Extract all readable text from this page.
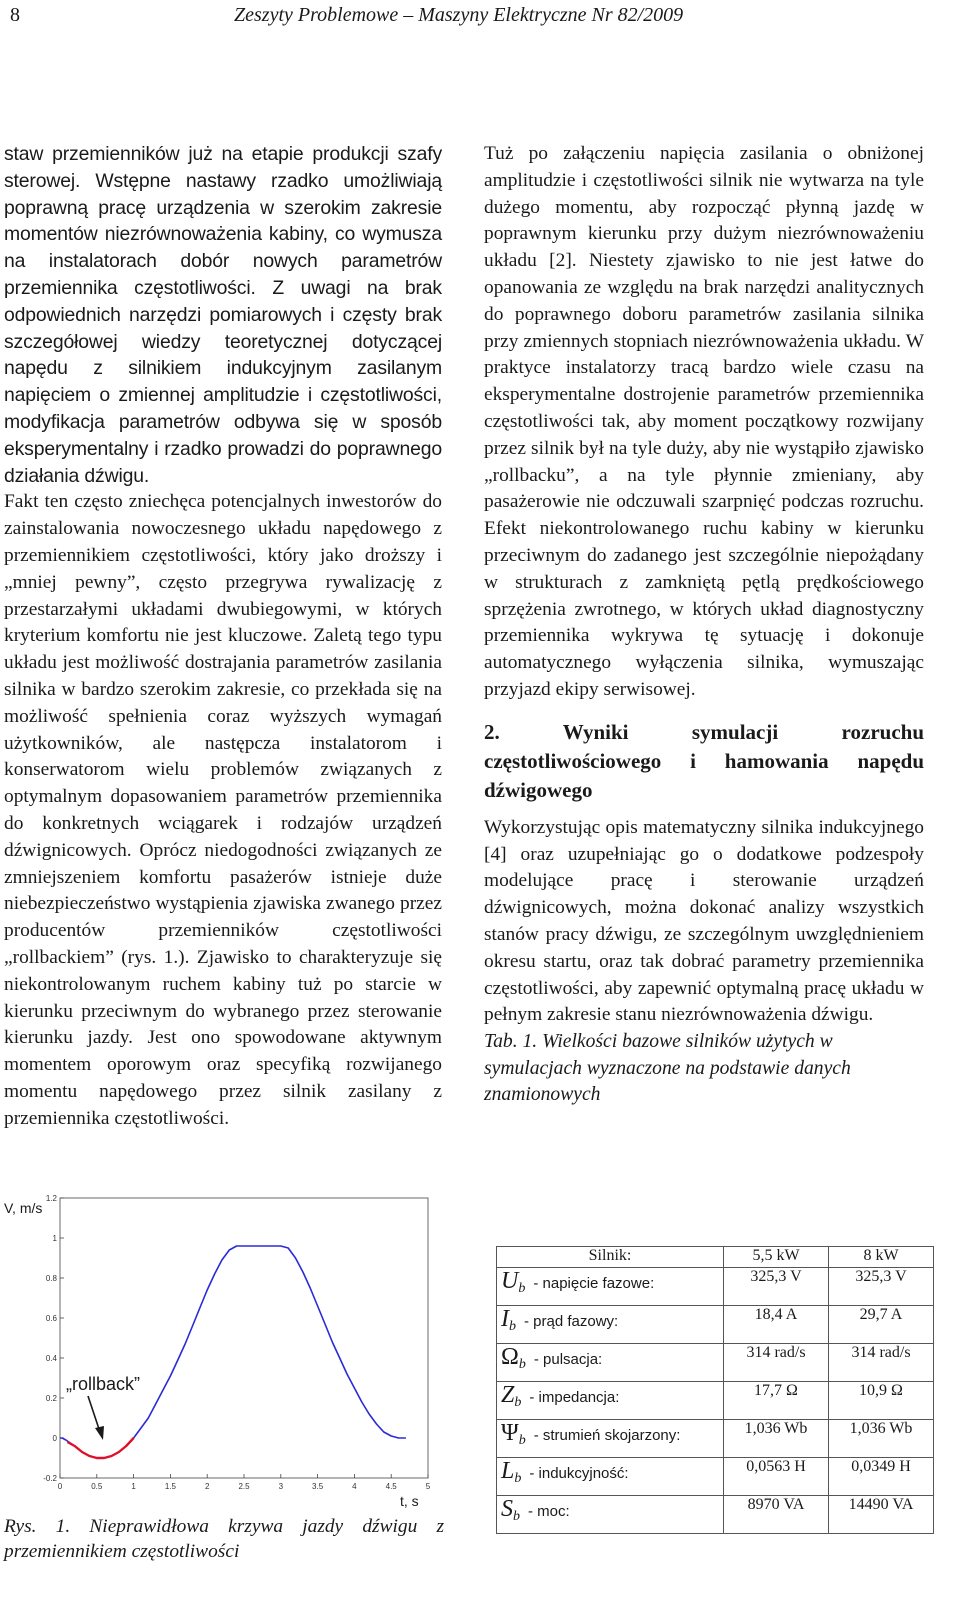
8	Zeszyty Problemowe – Maszyny Elektryczne Nr 82/2009

staw przemienników już na etapie produkcji szafy sterowej. Wstępne nastawy rzadko umożliwiają poprawną pracę urządzenia w szerokim zakresie momentów niezrównoważenia kabiny, co wymusza na instalatorach dobór nowych parametrów przemiennika częstotliwości. Z uwagi na brak odpowiednich narzędzi pomiarowych i częsty brak szczegółowej wiedzy teoretycznej dotyczącej napędu z silnikiem indukcyjnym zasilanym napięciem o zmiennej amplitudzie i częstotliwości, modyfikacja parametrów odbywa się w sposób eksperymentalny i rzadko prowadzi do poprawnego działania dźwigu.

Fakt ten często zniechęca potencjalnych inwestorów do zainstalowania nowoczesnego układu napędowego z przemiennikiem częstotliwości, który jako droższy i „mniej pewny”, często przegrywa rywalizację z przestarzałymi układami dwubiegowymi, w których kryterium komfortu nie jest kluczowe. Zaletą tego typu układu jest możliwość dostrajania parametrów zasilania silnika w bardzo szerokim zakresie, co przekłada się na możliwość spełnienia coraz wyższych wymagań użytkowników, ale następcza instalatorom i konserwatorom wielu problemów związanych z optymalnym dopasowaniem parametrów przemiennika do konkretnych wciągarek i rodzajów urządzeń dźwignicowych. Oprócz niedogodności związanych ze zmniejszeniem komfortu pasażerów istnieje duże niebezpieczeństwo wystąpienia zjawiska zwanego przez producentów przemienników częstotliwości „rollbackiem” (rys. 1.). Zjawisko to charakteryzuje się niekontrolowanym ruchem kabiny tuż po starcie w kierunku przeciwnym do wybranego przez sterowanie kierunku jazdy. Jest ono spowodowane aktywnym momentem oporowym oraz specyfiką rozwijanego momentu napędowego przez silnik zasilany z przemiennika częstotliwości.

Tuż po załączeniu napięcia zasilania o obniżonej amplitudzie i częstotliwości silnik nie wytwarza na tyle dużego momentu, aby rozpocząć płynną jazdę w poprawnym kierunku przy dużym niezrównoważeniu układu [2]. Niestety zjawisko to nie jest łatwe do opanowania ze względu na brak narzędzi analitycznych do poprawnego doboru parametrów zasilania silnika przy zmiennych stopniach niezrównoważenia układu. W praktyce instalatorzy tracą bardzo wiele czasu na eksperymentalne dostrojenie parametrów przemiennika częstotliwości tak, aby moment początkowy rozwijany przez silnik był na tyle duży, aby nie wystąpiło zjawisko „rollbacku”, a na tyle płynnie zmieniany, aby pasażerowie nie odczuwali szarpnięć podczas rozruchu. Efekt niekontrolowanego ruchu kabiny w kierunku przeciwnym do zadanego jest szczególnie niepożądany w strukturach z zamkniętą pętlą prędkościowego sprzężenia zwrotnego, w których układ diagnostyczny przemiennika wykrywa tę sytuację i dokonuje automatycznego wyłączenia silnika, wymuszając przyjazd ekipy serwisowej.

2. Wyniki symulacji rozruchu częstotliwościowego i hamowania napędu dźwigowego

Wykorzystując opis matematyczny silnika indukcyjnego [4] oraz uzupełniając go o dodatkowe podzespoły modelujące pracę i sterowanie urządzeń dźwignicowych, można dokonać analizy wszystkich stanów pracy dźwigu, ze szczególnym uwzględnieniem okresu startu, oraz tak dobrać parametry przemiennika częstotliwości, aby zapewnić optymalną pracę układu w pełnym zakresie stanu niezrównoważenia dźwigu.

Tab. 1. Wielkości bazowe silników użytych w symulacjach wyznaczone na podstawie danych znamionowych

Silnik:	5,5 kW	8 kW
Ub - napięcie fazowe:	325,3 V	325,3 V
Ib - prąd fazowy:	18,4 A	29,7 A
Ωb - pulsacja:	314 rad/s	314 rad/s
Zb - impedancja:	17,7 Ω	10,9 Ω
Ψb - strumień skojarzony:	1,036 Wb	1,036 Wb
Lb - indukcyjność:	0,0563 H	0,0349 H
Sb - moc:	8970 VA	14490 VA
0	0.5	1	1.5	2	2.5	3	3.5	4	4.5	5
-0.2
0
0.2
0.4
0.6
0.8
1
1.2
V, m/s
t, s
„rollback”
Rys. 1. Nieprawidłowa krzywa jazdy dźwigu z przemiennikiem częstotliwości
